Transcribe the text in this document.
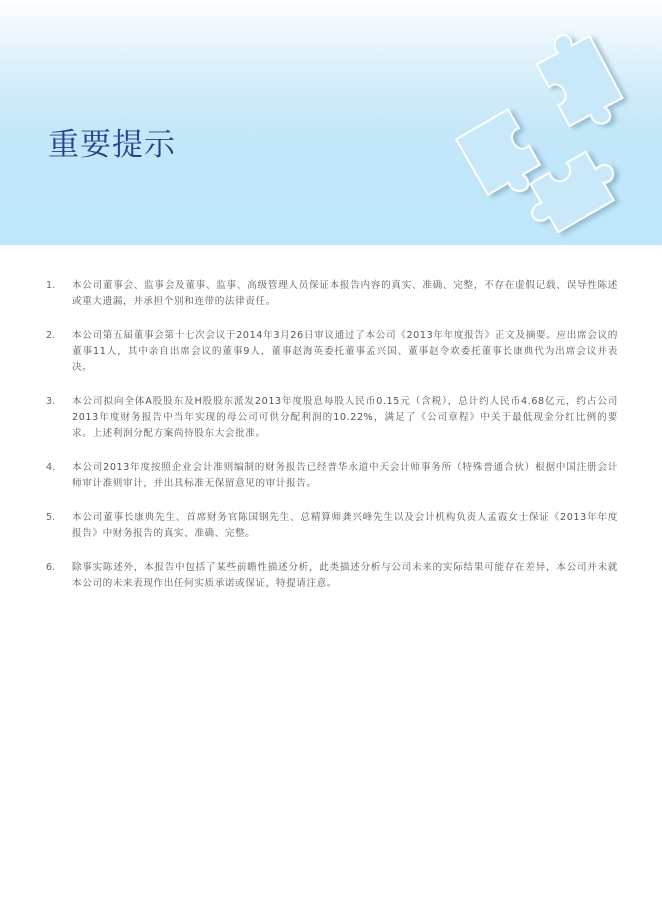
重要提示
1.	本公司董事会、监事会及董事、监事、高级管理人员保证本报告内容的真实、准确、完整，不存在虚假记载、误导性陈述或重大遗漏，并承担个别和连带的法律责任。
2.	本公司第五届董事会第十七次会议于2014年3月26日审议通过了本公司《2013年年度报告》正文及摘要。应出席会议的董事11人，其中亲自出席会议的董事9人，董事赵海英委托董事孟兴国、董事赵令欢委托董事长康典代为出席会议并表决。
3.	本公司拟向全体A股股东及H股股东派发2013年度股息每股人民币0.15元（含税），总计约人民币4.68亿元，约占公司2013年度财务报告中当年实现的母公司可供分配利润的10.22%，满足了《公司章程》中关于最低现金分红比例的要求。上述利润分配方案尚待股东大会批准。
4.	本公司2013年度按照企业会计准则编制的财务报告已经普华永道中天会计师事务所（特殊普通合伙）根据中国注册会计师审计准则审计，并出具标准无保留意见的审计报告。
5.	本公司董事长康典先生、首席财务官陈国钢先生、总精算师龚兴峰先生以及会计机构负责人孟霞女士保证《2013年年度报告》中财务报告的真实、准确、完整。
6.	除事实陈述外，本报告中包括了某些前瞻性描述分析，此类描述分析与公司未来的实际结果可能存在差异，本公司并未就本公司的未来表现作出任何实质承诺或保证，特提请注意。
